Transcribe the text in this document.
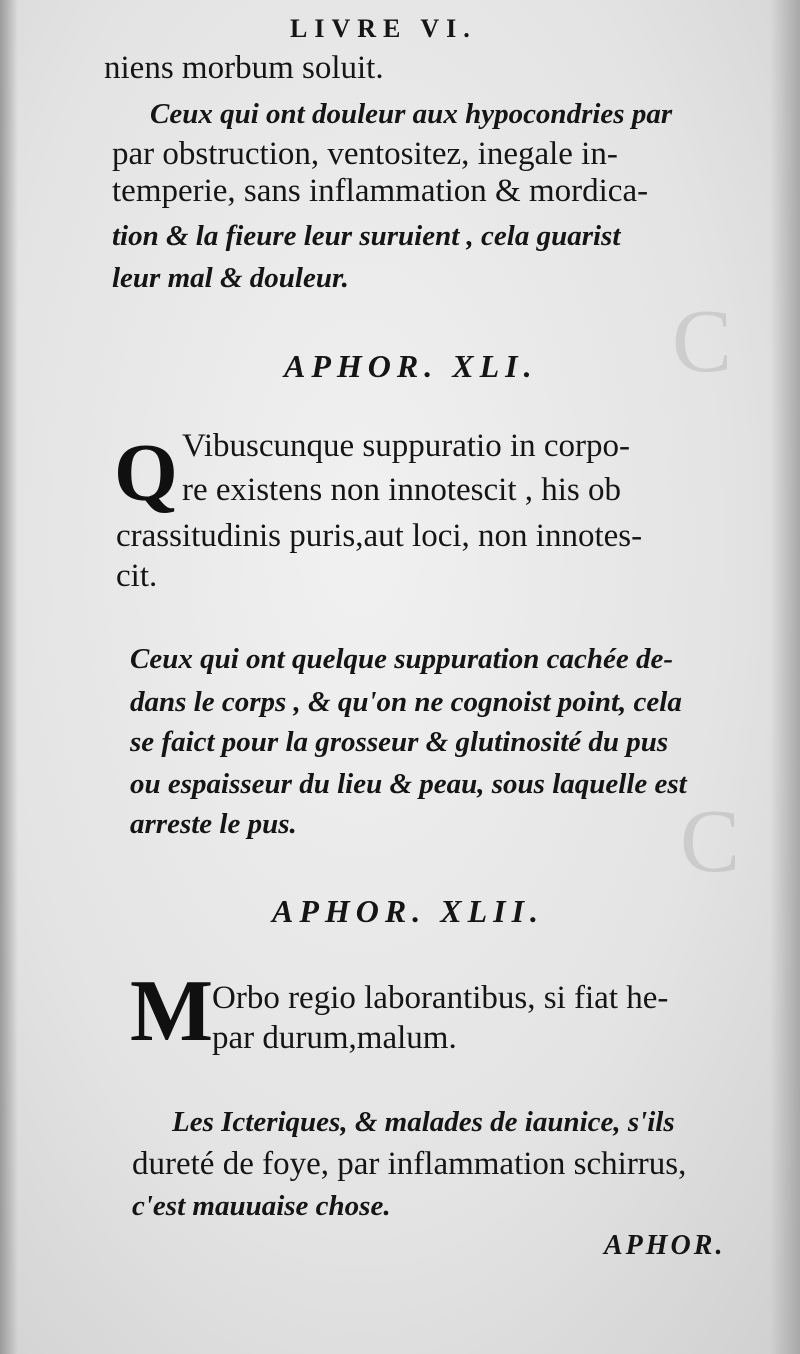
C
C
LIVRE VI.
niens morbum soluit.
Ceux qui ont douleur aux hypocondries par
par obstruction, ventositez, inegale in-
temperie, sans inflammation & mordica-
tion & la fieure leur suruient , cela guarist
leur mal & douleur.
APHOR. XLI.
Q Vibuscunque suppuratio in corpo-
re existens non innotescit , his ob
crassitudinis puris,aut loci, non innotes-
cit.
Ceux qui ont quelque suppuration cachée de-
dans le corps , & qu'on ne cognoist point, cela
se faict pour la grosseur & glutinosité du pus
ou espaisseur du lieu & peau, sous laquelle est
arreste le pus.
APHOR. XLII.
M
Orbo regio laborantibus, si fiat he-
par durum,malum.
Les Icteriques, & malades de iaunice, s'ils
dureté de foye, par inflammation schirrus,
c'est mauuaise chose.
APHOR.
